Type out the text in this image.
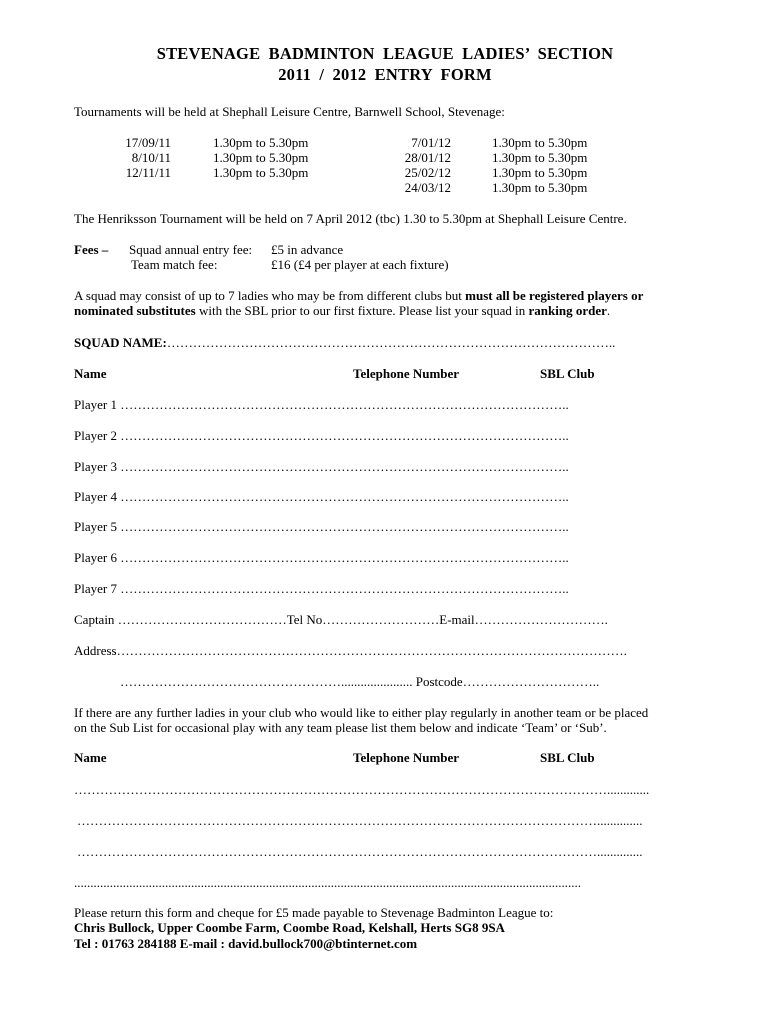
STEVENAGE BADMINTON LEAGUE LADIES’ SECTION
2011 / 2012 ENTRY FORM
Tournaments will be held at Shephall Leisure Centre, Barnwell School, Stevenage:
17/09/11	1.30pm to 5.30pm
8/10/11	1.30pm to 5.30pm
12/11/11	1.30pm to 5.30pm
7/01/12	1.30pm to 5.30pm
28/01/12	1.30pm to 5.30pm
25/02/12	1.30pm to 5.30pm
24/03/12	1.30pm to 5.30pm
The Henriksson Tournament will be held on 7 April 2012 (tbc) 1.30 to 5.30pm at Shephall Leisure Centre.
Fees – Squad annual entry fee: £5 in advance
Team match fee:	£16 (£4 per player at each fixture)
A squad may consist of up to 7 ladies who may be from different clubs but must all be registered players or
nominated substitutes with the SBL prior to our first fixture. Please list your squad in ranking order.
SQUAD NAME:…………………………………………………………………………………………..
Name	Telephone Number	SBL Club
Player 1 …………………………………………………………………………………………..
Player 2 …………………………………………………………………………………………..
Player 3 …………………………………………………………………………………………..
Player 4 …………………………………………………………………………………………..
Player 5 …………………………………………………………………………………………..
Player 6 …………………………………………………………………………………………..
Player 7 …………………………………………………………………………………………..
Captain …………………………………Tel No………………………E-mail………………………….
Address……………………………………………………………………………………………………….
……………………………………………...................... Postcode…………………………..
If there are any further ladies in your club who would like to either play regularly in another team or be placed
on the Sub List for occasional play with any team please list them below and indicate ‘Team’ or ‘Sub’.
Name	Telephone Number	SBL Club
…………………………………………………………………………………………………………….............
…………………………………………………………………………………………………………..............
…………………………………………………………………………………………………………..............
............................................................................................................................................................
Please return this form and cheque for £5 made payable to Stevenage Badminton League to:
Chris Bullock, Upper Coombe Farm, Coombe Road, Kelshall, Herts SG8 9SA
Tel : 01763 284188 E-mail : david.bullock700@btinternet.com
